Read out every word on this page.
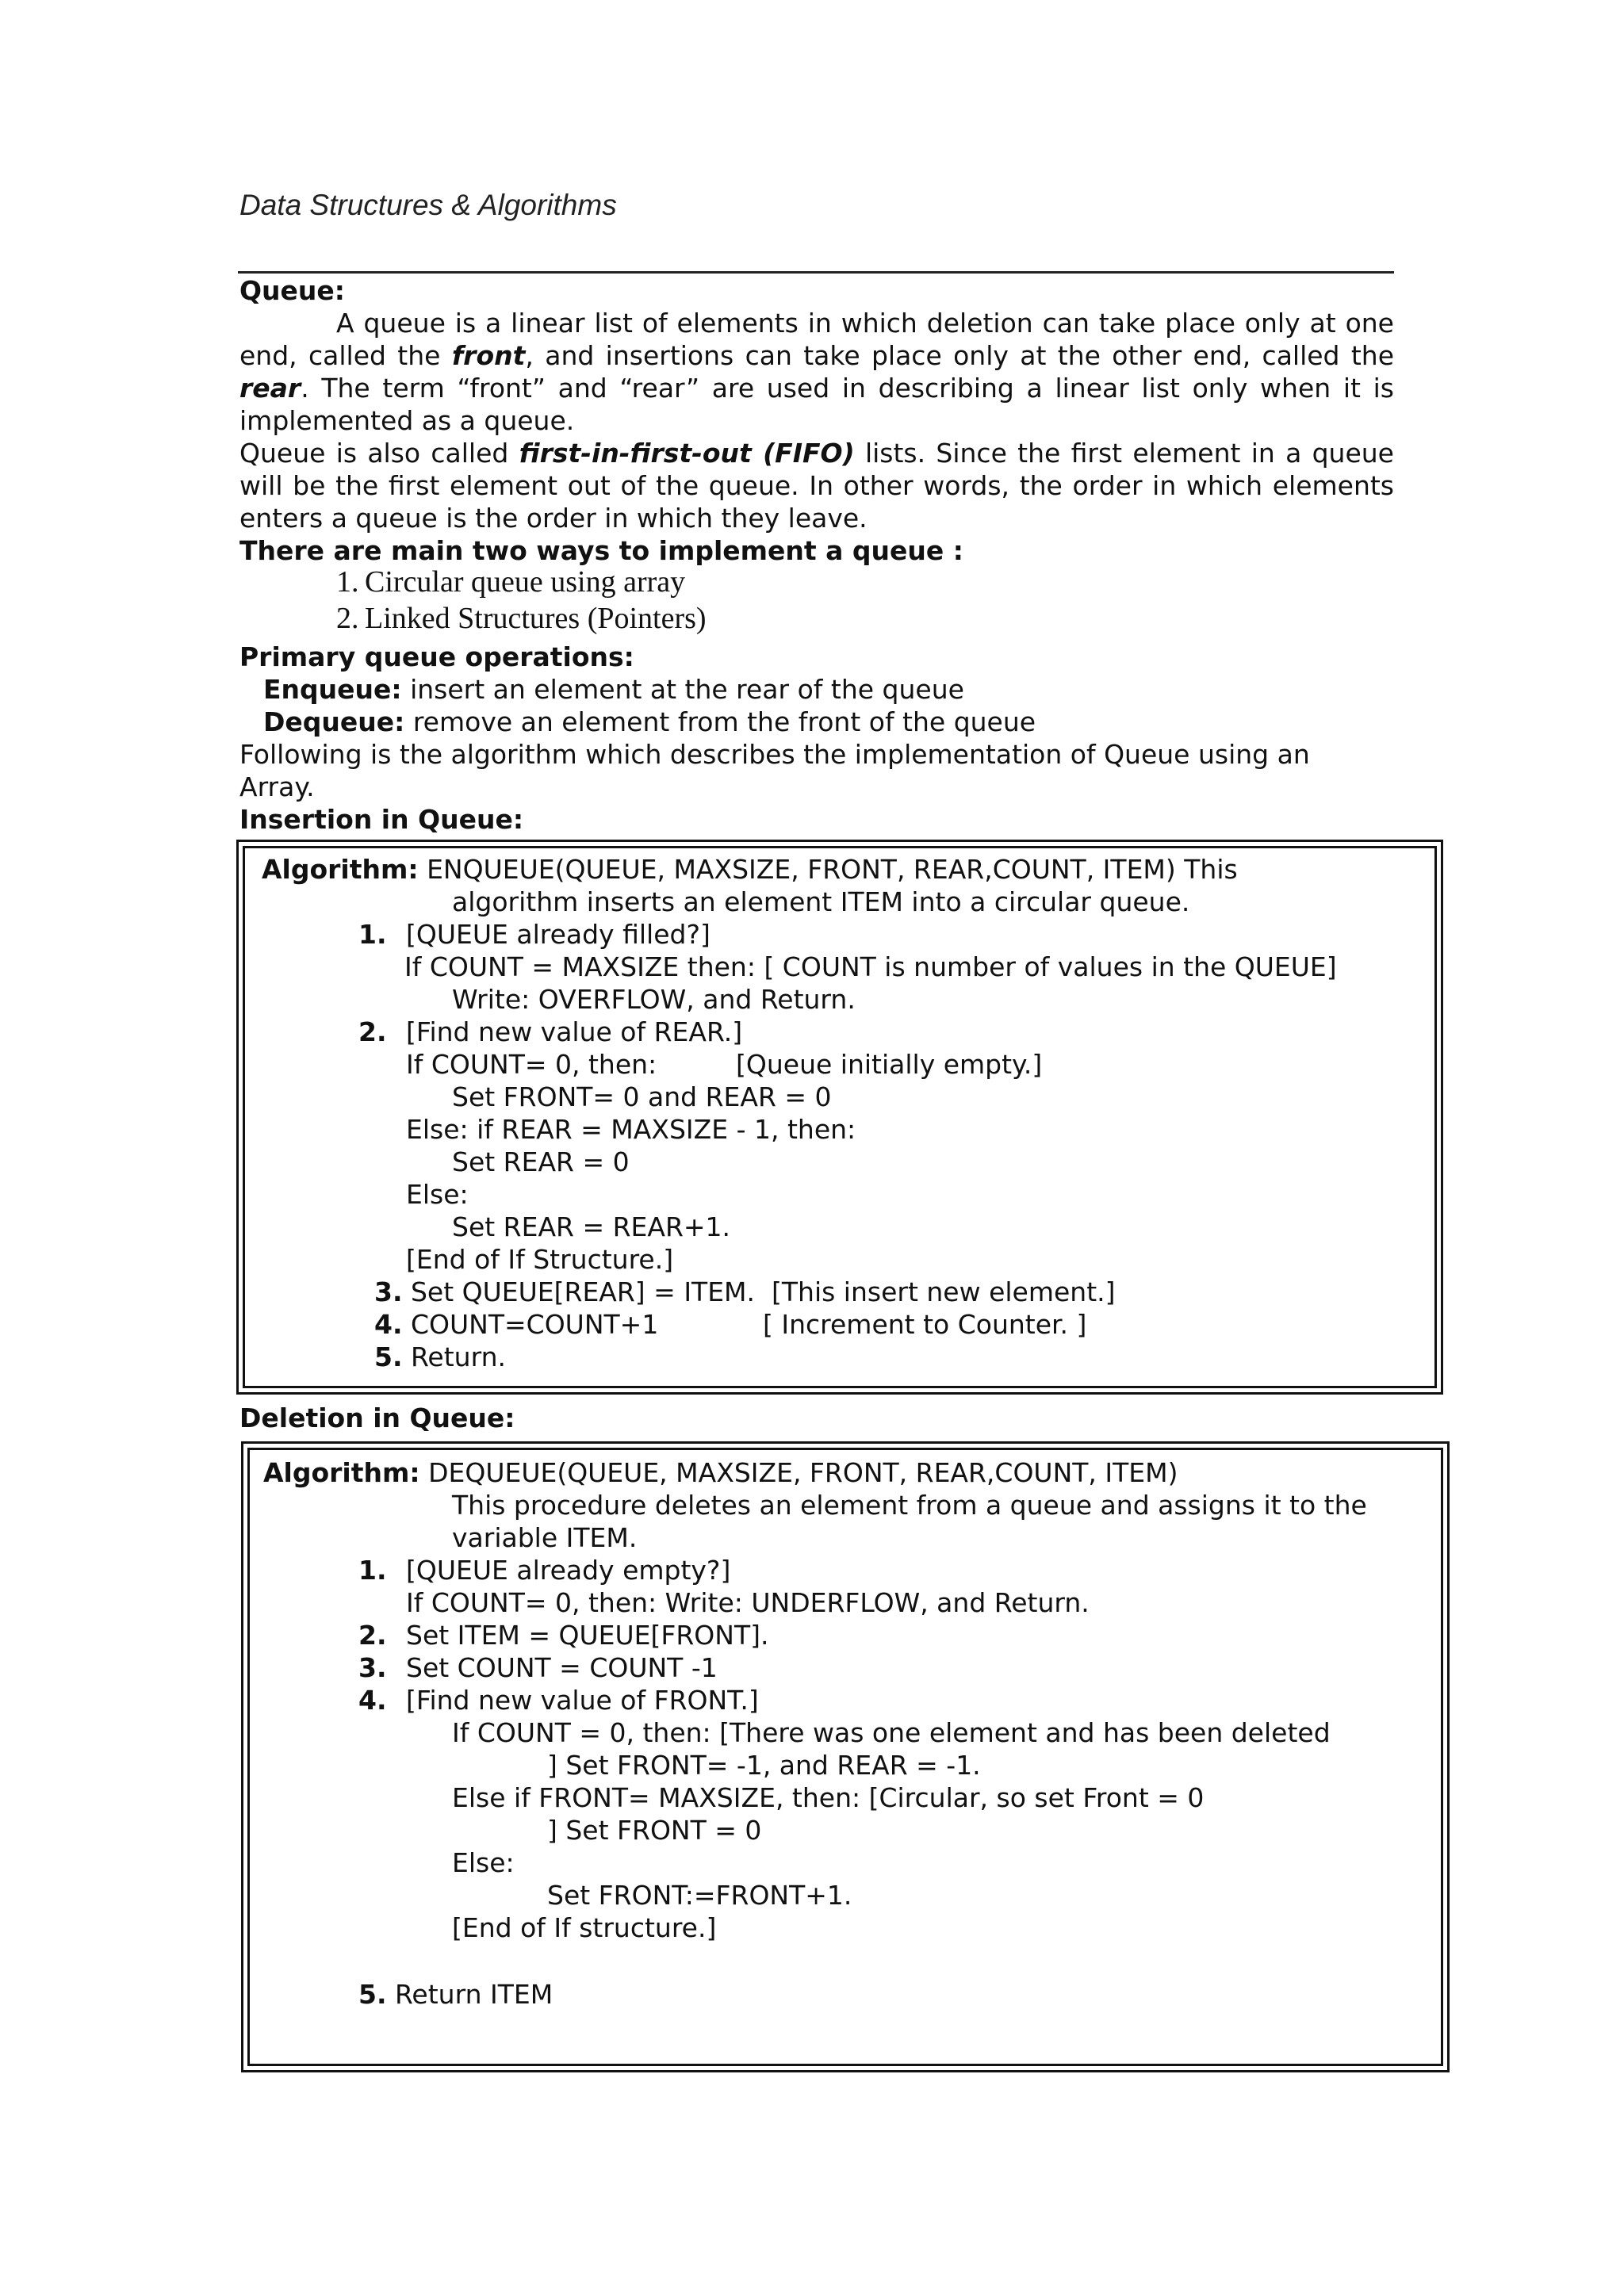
Data Structures & Algorithms
Queue:
A queue is a linear list of elements in which deletion can take place only at one end, called the front, and insertions can take place only at the other end, called the rear. The term “front” and “rear” are used in describing a linear list only when it is implemented as a queue.
Queue is also called first-in-first-out (FIFO) lists. Since the first element in a queue will be the first element out of the queue. In other words, the order in which elements enters a queue is the order in which they leave.
There are main two ways to implement a queue :
1. Circular queue using array
2. Linked Structures (Pointers)
Primary queue operations:
Enqueue: insert an element at the rear of the queue
Dequeue: remove an element from the front of the queue
Following is the algorithm which describes the implementation of Queue using an Array.
Insertion in Queue:
Algorithm: ENQUEUE(QUEUE, MAXSIZE, FRONT, REAR,COUNT, ITEM) This
algorithm inserts an element ITEM into a circular queue.
1. [QUEUE already filled?]
If COUNT = MAXSIZE then: [ COUNT is number of values in the QUEUE]
Write: OVERFLOW, and Return.
2. [Find new value of REAR.]
If COUNT= 0, then:	[Queue initially empty.]
Set FRONT= 0 and REAR = 0
Else: if REAR = MAXSIZE - 1, then:
Set REAR = 0
Else:
Set REAR = REAR+1.
[End of If Structure.]
3. Set QUEUE[REAR] = ITEM.  [This insert new element.]
4. COUNT=COUNT+1	[ Increment to Counter. ]
5. Return.
Deletion in Queue:
Algorithm: DEQUEUE(QUEUE, MAXSIZE, FRONT, REAR,COUNT, ITEM)
This procedure deletes an element from a queue and assigns it to the
variable ITEM.
1. [QUEUE already empty?]
If COUNT= 0, then: Write: UNDERFLOW, and Return.
2. Set ITEM = QUEUE[FRONT].
3. Set COUNT = COUNT -1
4. [Find new value of FRONT.]
If COUNT = 0, then: [There was one element and has been deleted
] Set FRONT= -1, and REAR = -1.
Else if FRONT= MAXSIZE, then: [Circular, so set Front = 0
] Set FRONT = 0
Else:
Set FRONT:=FRONT+1.
[End of If structure.]
5. Return ITEM
